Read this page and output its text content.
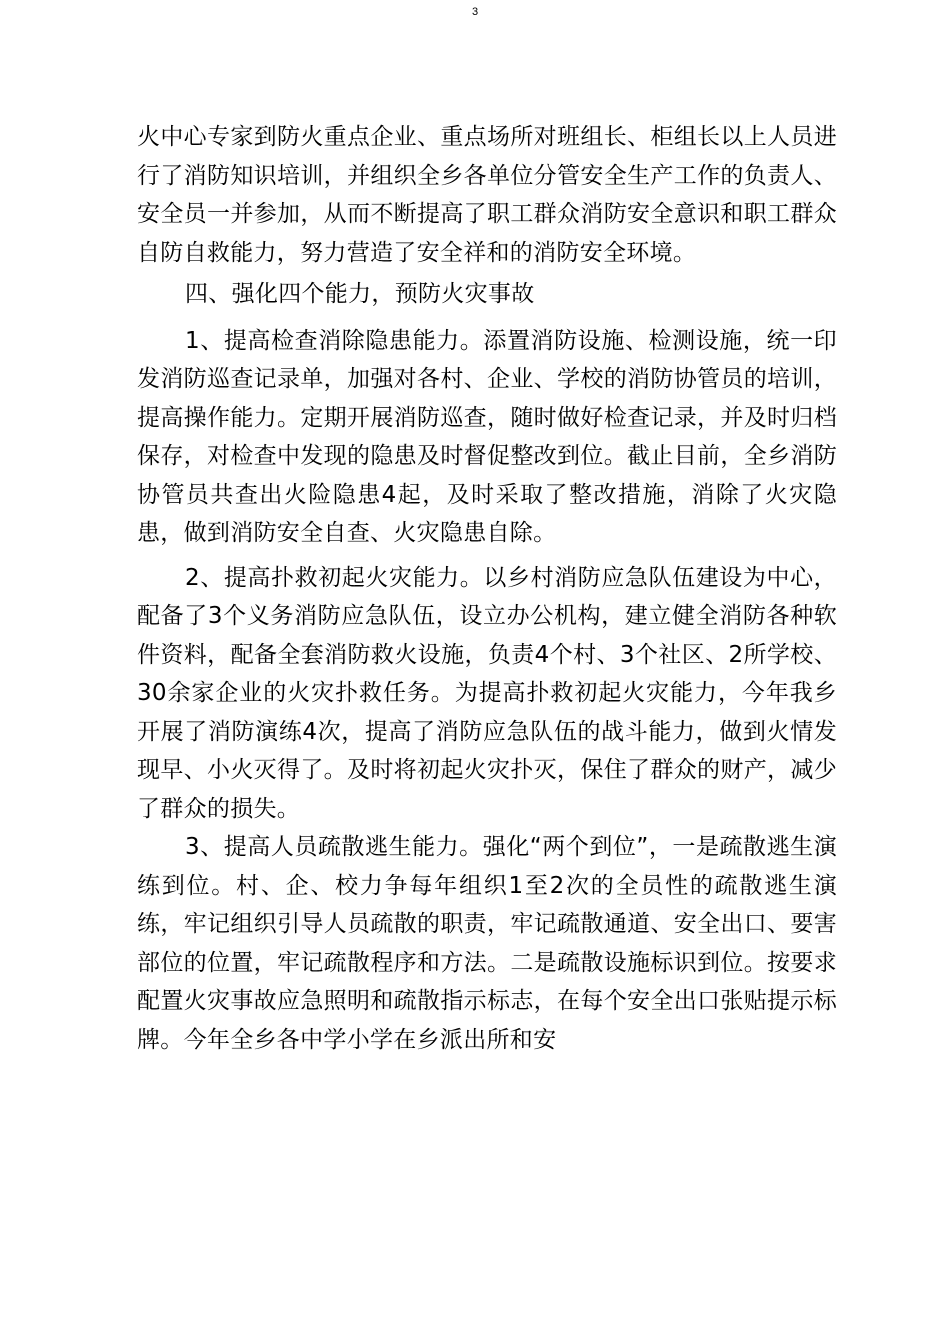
3

火中心专家到防火重点企业、重点场所对班组长、柜组长以上人员进行了消防知识培训，并组织全乡各单位分管安全生产工作的负责人、安全员一并参加，从而不断提高了职工群众消防安全意识和职工群众自防自救能力，努力营造了安全祥和的消防安全环境。

四、强化四个能力，预防火灾事故

1、提高检查消除隐患能力。添置消防设施、检测设施，统一印发消防巡查记录单，加强对各村、企业、学校的消防协管员的培训，提高操作能力。定期开展消防巡查，随时做好检查记录，并及时归档保存，对检查中发现的隐患及时督促整改到位。截止目前，全乡消防协管员共查出火险隐患4起，及时采取了整改措施，消除了火灾隐患，做到消防安全自查、火灾隐患自除。

2、提高扑救初起火灾能力。以乡村消防应急队伍建设为中心，配备了3个义务消防应急队伍，设立办公机构，建立健全消防各种软件资料，配备全套消防救火设施，负责4个村、3个社区、2所学校、30余家企业的火灾扑救任务。为提高扑救初起火灾能力，今年我乡开展了消防演练4次，提高了消防应急队伍的战斗能力，做到火情发现早、小火灭得了。及时将初起火灾扑灭，保住了群众的财产，减少了群众的损失。

3、提高人员疏散逃生能力。强化“两个到位”，一是疏散逃生演练到位。村、企、校力争每年组织1至2次的全员性的疏散逃生演练，牢记组织引导人员疏散的职责，牢记疏散通道、安全出口、要害部位的位置，牢记疏散程序和方法。二是疏散设施标识到位。按要求配置火灾事故应急照明和疏散指示标志，在每个安全出口张贴提示标牌。今年全乡各中学小学在乡派出所和安
